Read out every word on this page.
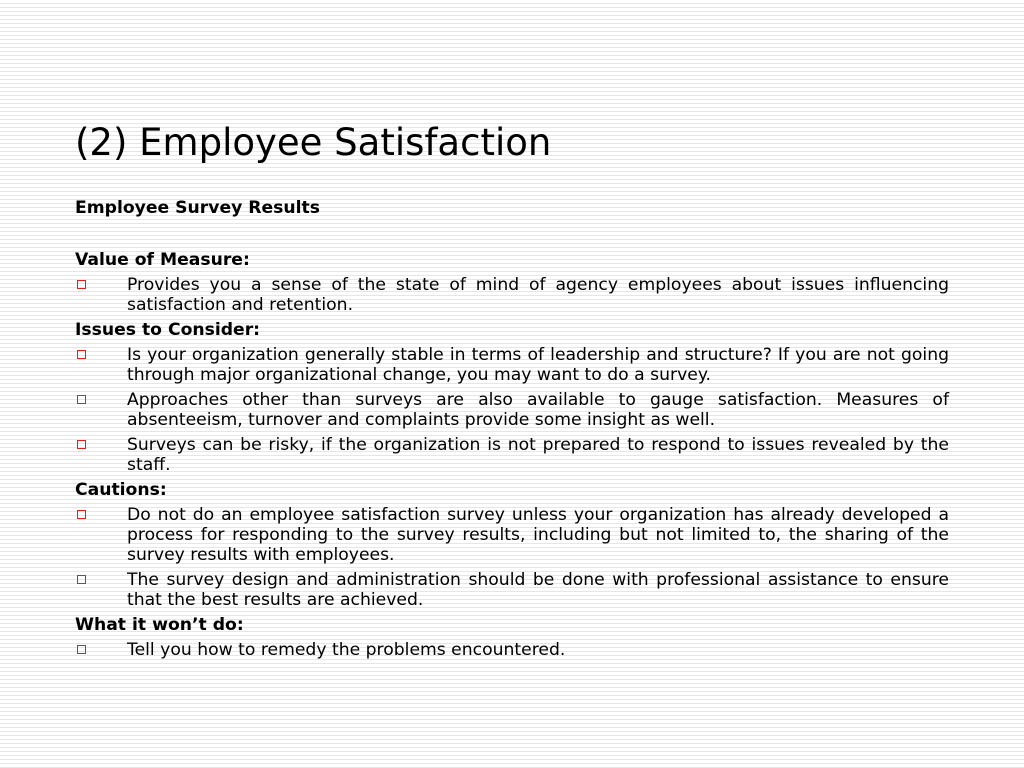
(2) Employee Satisfaction
Employee Survey Results
Value of Measure:
Provides you a sense of the state of mind of agency employees about issues influencing satisfaction and retention.
Issues to Consider:
Is your organization generally stable in terms of leadership and structure? If you are not going through major organizational change, you may want to do a survey.
Approaches other than surveys are also available to gauge satisfaction. Measures of absenteeism, turnover and complaints provide some insight as well.
Surveys can be risky, if the organization is not prepared to respond to issues revealed by the staff.
Cautions:
Do not do an employee satisfaction survey unless your organization has already developed a process for responding to the survey results, including but not limited to, the sharing of the survey results with employees.
The survey design and administration should be done with professional assistance to ensure that the best results are achieved.
What it won’t do:
Tell you how to remedy the problems encountered.
